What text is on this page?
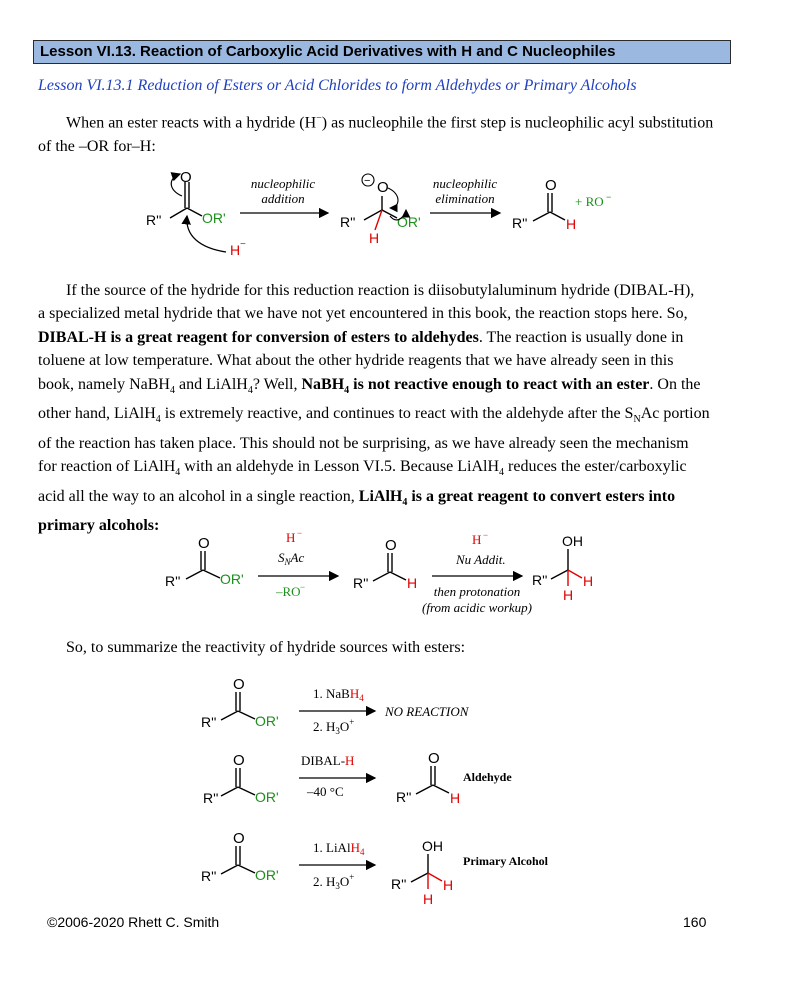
Lesson VI.13. Reaction of Carboxylic Acid Derivatives with H and C Nucleophiles
Lesson VI.13.1 Reduction of Esters or Acid Chlorides to form Aldehydes or Primary Alcohols
When an ester reacts with a hydride (H−) as nucleophile the first step is nucleophilic acyl substitution
of the –OR for–H:
O
R''	OR'
H −
nucleophilic
addition
− O
R''	OR'
H
nucleophilic
elimination
O
R''	H
+ RO −
If the source of the hydride for this reduction reaction is diisobutylaluminum hydride (DIBAL-H),
a specialized metal hydride that we have not yet encountered in this book, the reaction stops here. So,
DIBAL-H is a great reagent for conversion of esters to aldehydes. The reaction is usually done in
toluene at low temperature. What about the other hydride reagents that we have already seen in this
book, namely NaBH$_4$ and LiAlH$_4$? Well, NaBH$_4$ is not reactive enough to react with an ester. On the
other hand, LiAlH$_4$ is extremely reactive, and continues to react with the aldehyde after the $S_NAc$ portion
of the reaction has taken place. This should not be surprising, as we have already seen the mechanism
for reaction of LiAlH$_4$ with an aldehyde in Lesson VI.5. Because LiAlH$_4$ reduces the ester/carboxylic
acid all the way to an alcohol in a single reaction, LiAlH$_4$ is a great reagent to convert esters into
primary alcohols:
O
R''	OR'
H −
$S_NAc$
–RO −
O
R''	H
H −
Nu Addit.
then protonation
(from acidic workup)
OH
R''	H
H
So, to summarize the reactivity of hydride sources with esters:
O
R''	OR'
1. NaBH$_4$
2. $H_3O^+$
NO REACTION
O
R''	OR'
DIBAL-H
–40 °C
O
R''	H
Aldehyde
O
R''	OR'
1. LiAlH$_4$
2. $H_3O^+$
OH
R''	H
H
Primary Alcohol
©2006-2020 Rhett C. Smith	160
